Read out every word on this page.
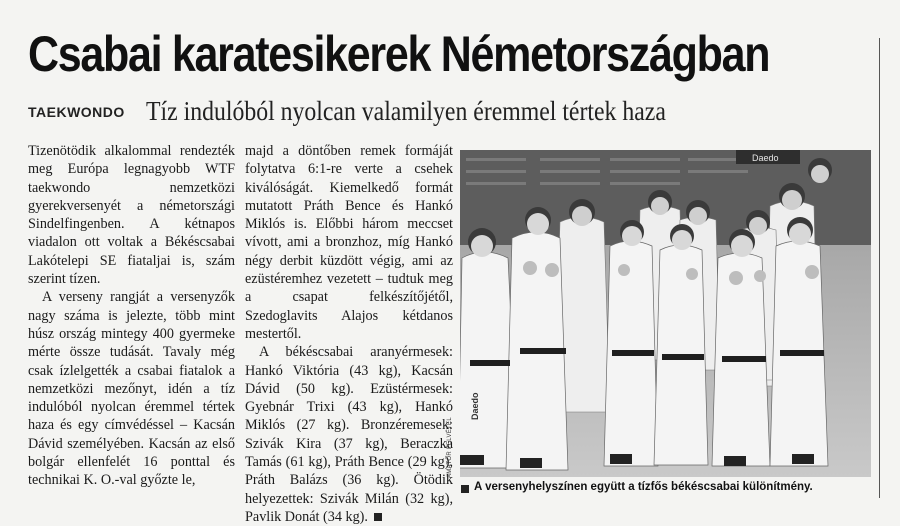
Csabai karatesikerek Németországban
TAEKWONDO Tíz indulóból nyolcan valamilyen éremmel tértek haza

Tizenötödik alkalommal rendezték meg Európa legnagyobb WTF taekwondo nemzetközi gyerekversenyét a németországi Sindelfingenben. A kétnapos viadalon ott voltak a Békéscsabai Lakótelepi SE fiataljai is, szám szerint tízen.

A verseny rangját a versenyzők nagy száma is jelezte, több mint húsz ország mintegy 400 gyermeke mérte össze tudását. Tavaly még csak ízlelgették a csabai fiatalok a nemzetközi mezőnyt, idén a tíz indulóból nyolcan éremmel tértek haza és egy címvédéssel – Kacsán Dávid személyében. Kacsán az első bolgár ellenfelét 16 ponttal és technikai K. O.-val győzte le,

majd a döntőben remek formáját folytatva 6:1-re verte a csehek kiválóságát. Kiemelkedő formát mutatott Práth Bence és Hankó Miklós is. Előbbi három meccset vívott, ami a bronzhoz, míg Hankó négy derbit küzdött végig, ami az ezüstéremhez vezetett – tudtuk meg a csapat felkészítőjétől, Szedoglavits Alajos kétdanos mestertől.

A békéscsabai aranyérmesek: Hankó Viktória (43 kg), Kacsán Dávid (50 kg). Ezüstérmesek: Gyebnár Trixi (43 kg), Hankó Miklós (27 kg). Bronzéremesek: Szivák Kira (37 kg), Beraczka Tamás (61 kg), Práth Bence (29 kg), Práth Balázs (36 kg). Ötödik helyezettek: Szivák Milán (32 kg), Pavlik Donát (34 kg).

Daedo
Daedo
AMATŐR FELVÉTEL
A versenyhelyszínen együtt a tízfős békéscsabai különítmény.
